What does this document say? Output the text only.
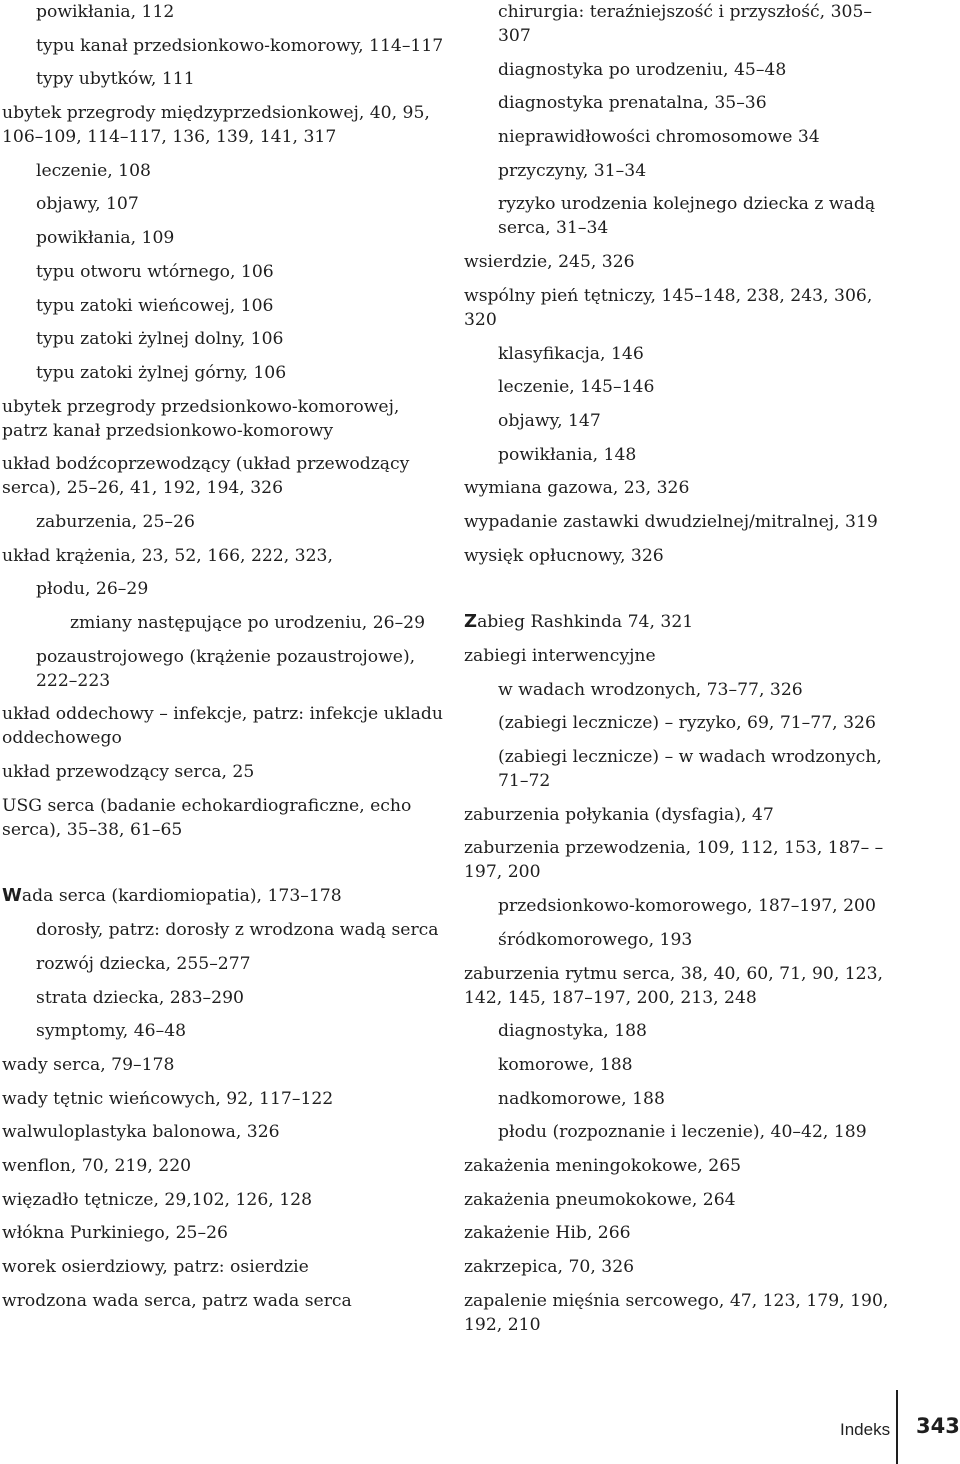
powikłania, 112
typu kanał przedsionkowo-komorowy, 114–117
typy ubytków, 111
ubytek przegrody międzyprzedsionkowej, 40, 95, 106–109, 114–117, 136, 139, 141, 317
leczenie, 108
objawy, 107
powikłania, 109
typu otworu wtórnego, 106
typu zatoki wieńcowej, 106
typu zatoki żylnej dolny, 106
typu zatoki żylnej górny, 106
ubytek przegrody przedsionkowo-komorowej, patrz kanał przedsionkowo-komorowy
układ bodźcoprzewodzący (układ przewodzący serca), 25–26, 41, 192, 194, 326
zaburzenia, 25–26
układ krążenia, 23, 52, 166, 222, 323,
płodu, 26–29
zmiany następujące po urodzeniu, 26–29
pozaustrojowego (krążenie pozaustrojowe), 222–223
układ oddechowy – infekcje, patrz: infekcje ukladu oddechowego
układ przewodzący serca, 25
USG serca (badanie echokardiograficzne, echo serca), 35–38, 61–65
Wada serca (kardiomiopatia), 173–178
dorosły, patrz: dorosły z wrodzona wadą serca
rozwój dziecka, 255–277
strata dziecka, 283–290
symptomy, 46–48
wady serca, 79–178
wady tętnic wieńcowych, 92, 117–122
walwuloplastyka balonowa, 326
wenflon, 70, 219, 220
więzadło tętnicze, 29,102, 126, 128
włókna Purkiniego, 25–26
worek osierdziowy, patrz: osierdzie
wrodzona wada serca, patrz wada serca
chirurgia: teraźniejszość i przyszłość, 305–307
diagnostyka po urodzeniu, 45–48
diagnostyka prenatalna, 35–36
nieprawidłowości chromosomowe 34
przyczyny, 31–34
ryzyko urodzenia kolejnego dziecka z wadą serca, 31–34
wsierdzie, 245, 326
wspólny pień tętniczy, 145–148, 238, 243, 306, 320
klasyfikacja, 146
leczenie, 145–146
objawy, 147
powikłania, 148
wymiana gazowa, 23, 326
wypadanie zastawki dwudzielnej/mitralnej, 319
wysięk opłucnowy, 326
Zabieg Rashkinda 74, 321
zabiegi interwencyjne
w wadach wrodzonych, 73–77, 326
(zabiegi lecznicze) – ryzyko, 69, 71–77, 326
(zabiegi lecznicze) – w wadach wrodzonych, 71–72
zaburzenia połykania (dysfagia), 47
zaburzenia przewodzenia, 109, 112, 153, 187– –197, 200
przedsionkowo-komorowego, 187–197, 200
śródkomorowego, 193
zaburzenia rytmu serca, 38, 40, 60, 71, 90, 123, 142, 145, 187–197, 200, 213, 248
diagnostyka, 188
komorowe, 188
nadkomorowe, 188
płodu (rozpoznanie i leczenie), 40–42, 189
zakażenia meningokokowe, 265
zakażenia pneumokokowe, 264
zakażenie Hib, 266
zakrzepica, 70, 326
zapalenie mięśnia sercowego, 47, 123, 179, 190, 192, 210
Indeks 343
